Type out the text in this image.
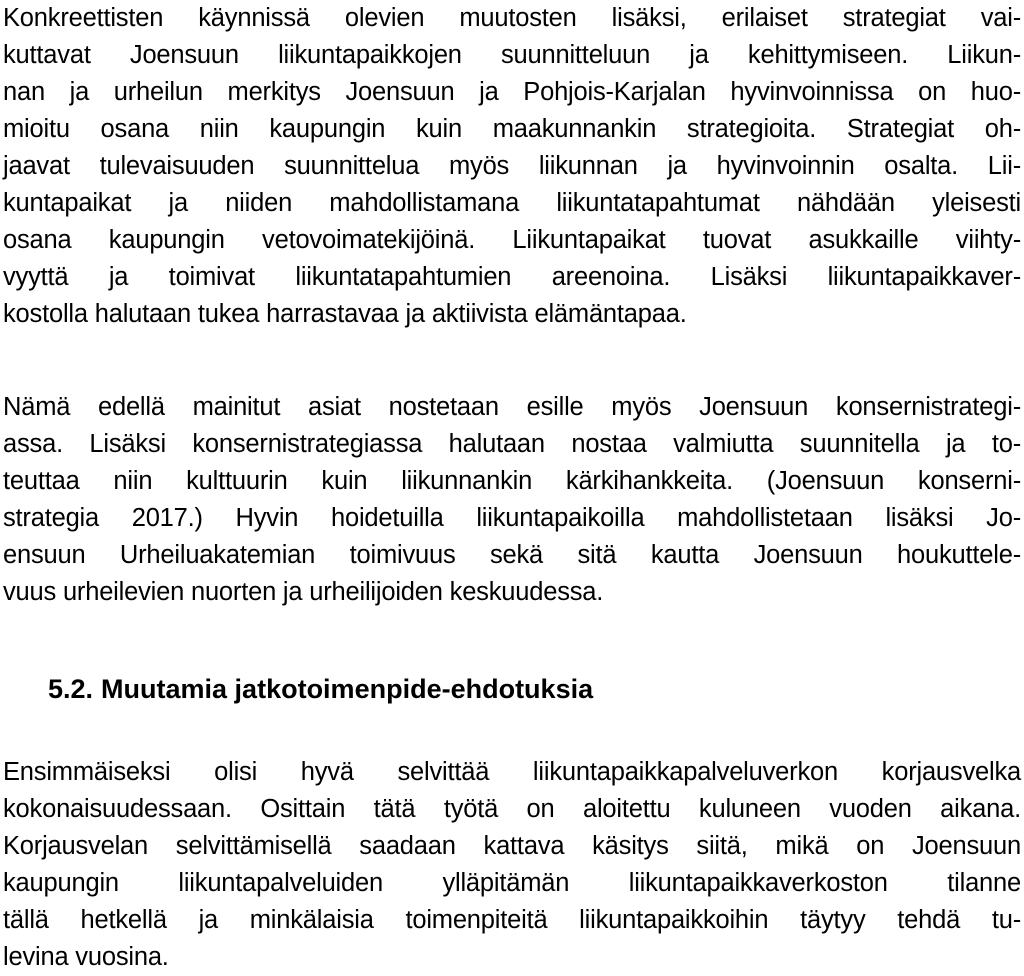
Konkreettisten käynnissä olevien muutosten lisäksi, erilaiset strategiat vai-
kuttavat Joensuun liikuntapaikkojen suunnitteluun ja kehittymiseen. Liikun-
nan ja urheilun merkitys Joensuun ja Pohjois-Karjalan hyvinvoinnissa on huo-
mioitu osana niin kaupungin kuin maakunnankin strategioita. Strategiat oh-
jaavat tulevaisuuden suunnittelua myös liikunnan ja hyvinvoinnin osalta. Lii-
kuntapaikat ja niiden mahdollistamana liikuntatapahtumat nähdään yleisesti
osana kaupungin vetovoimatekijöinä. Liikuntapaikat tuovat asukkaille viihty-
vyyttä ja toimivat liikuntatapahtumien areenoina. Lisäksi liikuntapaikkaver-
kostolla halutaan tukea harrastavaa ja aktiivista elämäntapaa.
Nämä edellä mainitut asiat nostetaan esille myös Joensuun konsernistrategi-
assa. Lisäksi konsernistrategiassa halutaan nostaa valmiutta suunnitella ja to-
teuttaa niin kulttuurin kuin liikunnankin kärkihankkeita. (Joensuun konserni-
strategia 2017.) Hyvin hoidetuilla liikuntapaikoilla mahdollistetaan lisäksi Jo-
ensuun Urheiluakatemian toimivuus sekä sitä kautta Joensuun houkuttele-
vuus urheilevien nuorten ja urheilijoiden keskuudessa.
5.2. Muutamia jatkotoimenpide-ehdotuksia
Ensimmäiseksi olisi hyvä selvittää liikuntapaikkapalveluverkon korjausvelka
kokonaisuudessaan. Osittain tätä työtä on aloitettu kuluneen vuoden aikana.
Korjausvelan selvittämisellä saadaan kattava käsitys siitä, mikä on Joensuun
kaupungin liikuntapalveluiden ylläpitämän liikuntapaikkaverkoston tilanne
tällä hetkellä ja minkälaisia toimenpiteitä liikuntapaikkoihin täytyy tehdä tu-
levina vuosina.
